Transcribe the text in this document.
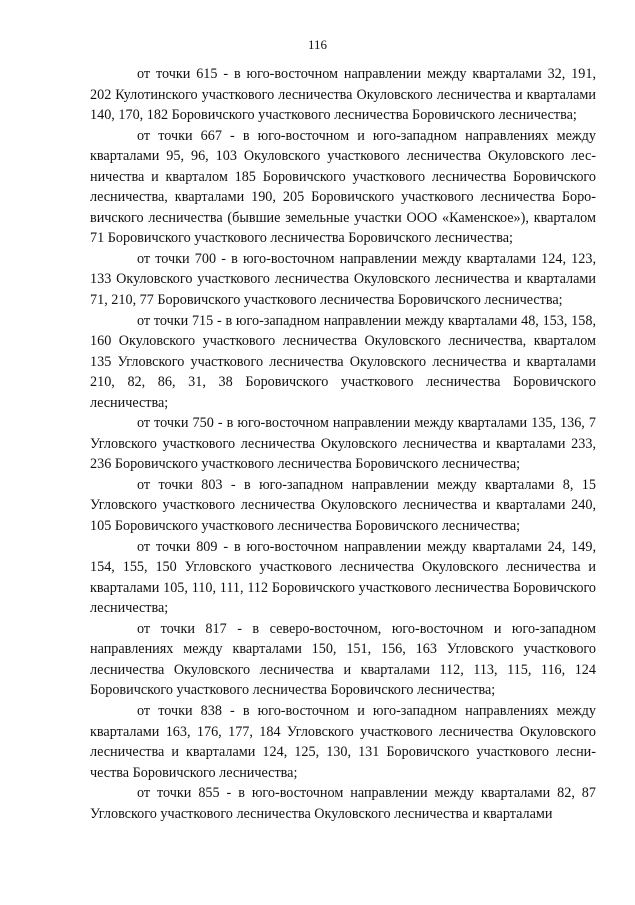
116

от точки 615 - в юго-восточном направлении между кварталами 32, 191, 202 Кулотинского участкового лесничества Окуловского лесничества и кварталами 140, 170, 182 Боровичского участкового лесничества Боровичского лесничества;

от точки 667 - в юго-восточном и юго-западном направлениях между кварталами 95, 96, 103 Окуловского участкового лесничества Окуловского лесничества и кварталом 185 Боровичского участкового лесничества Боровичского лесничества, кварталами 190, 205 Боровичского участкового лесничества Боровичского лесничества (бывшие земельные участки ООО «Каменское»), кварталом 71 Боровичского участкового лесничества Боровичского лесничества;

от точки 700 - в юго-восточном направлении между кварталами 124, 123, 133 Окуловского участкового лесничества Окуловского лесничества и кварталами 71, 210, 77 Боровичского участкового лесничества Боровичского лесничества;

от точки 715 - в юго-западном направлении между кварталами 48, 153, 158, 160 Окуловского участкового лесничества Окуловского лесничества, кварталом 135 Угловского участкового лесничества Окуловского лесничества и кварталами 210, 82, 86, 31, 38 Боровичского участкового лесничества Боровичского лесничества;

от точки 750 - в юго-восточном направлении между кварталами 135, 136, 7 Угловского участкового лесничества Окуловского лесничества и кварталами 233, 236 Боровичского участкового лесничества Боровичского лесничества;

от точки 803 - в юго-западном направлении между кварталами 8, 15 Угловского участкового лесничества Окуловского лесничества и кварталами 240, 105 Боровичского участкового лесничества Боровичского лесничества;

от точки 809 - в юго-восточном направлении между кварталами 24, 149, 154, 155, 150 Угловского участкового лесничества Окуловского лесничества и кварталами 105, 110, 111, 112 Боровичского участкового лесничества Боровичского лесничества;

от точки 817 - в северо-восточном, юго-восточном и юго-западном направлениях между кварталами 150, 151, 156, 163 Угловского участкового лесничества Окуловского лесничества и кварталами 112, 113, 115, 116, 124 Боровичского участкового лесничества Боровичского лесничества;

от точки 838 - в юго-восточном и юго-западном направлениях между кварталами 163, 176, 177, 184 Угловского участкового лесничества Окуловского лесничества и кварталами 124, 125, 130, 131 Боровичского участкового лесничества Боровичского лесничества;

от точки 855 - в юго-восточном направлении между кварталами 82, 87 Угловского участкового лесничества Окуловского лесничества и кварталами
